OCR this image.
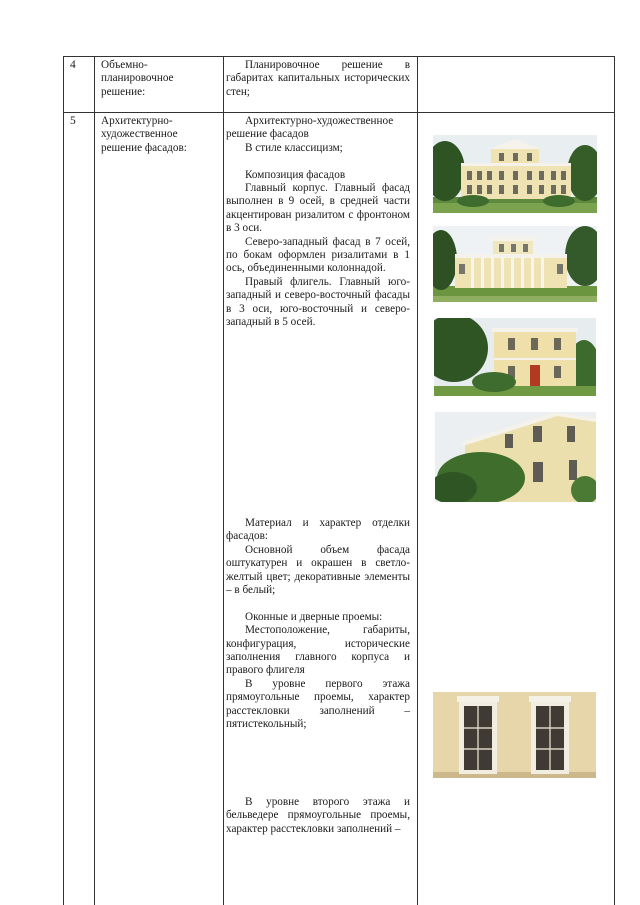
4 Объемно-планировочное решение:
Планировочное решение в габаритах капитальных исторических стен;
5 Архитектурно-художественное решение фасадов:

Архитектурно-художественное решение фасадов

В стиле классицизм;

Композиция фасадов

Главный корпус. Главный фасад выполнен в 9 осей, в средней части акцентирован ризалитом с фронтоном в 3 оси.

Северо-западный фасад в 7 осей, по бокам оформлен ризалитами в 1 ось, объединенными колоннадой.

Правый флигель. Главный юго-западный и северо-восточный фасады в 3 оси, юго-восточный и северо-западный в 5 осей.

Материал и характер отделки фасадов:

Основной объем фасада оштукатурен и окрашен в светло-желтый цвет; декоративные элементы – в белый;

Оконные и дверные проемы:

Местоположение, габариты, конфигурация, исторические заполнения главного корпуса и правого флигеля

В уровне первого этажа прямоугольные проемы, характер расстекловки заполнений – пятистекольный;

В уровне второго этажа и бельведере прямоугольные проемы, характер расстекловки заполнений –
